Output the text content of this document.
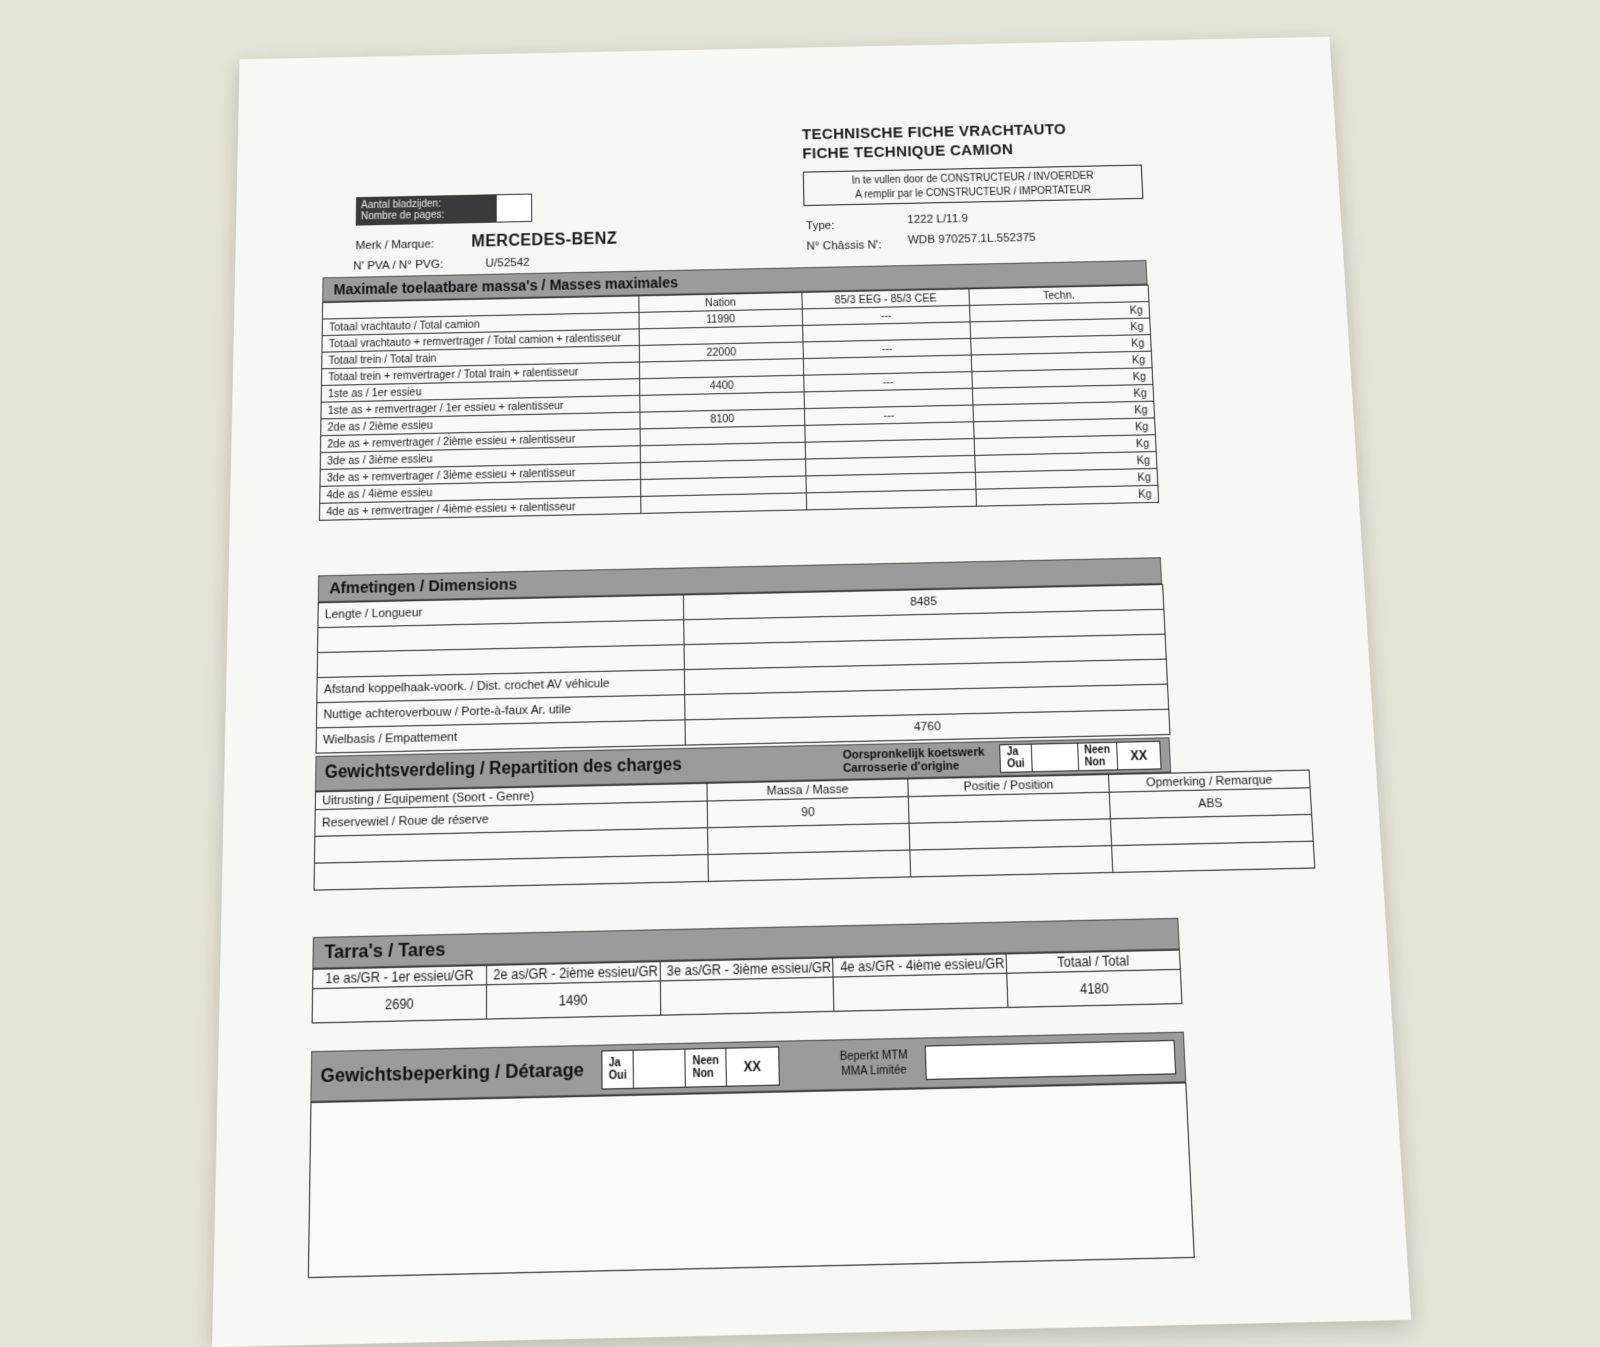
TECHNISCHE FICHE VRACHTAUTO
FICHE TECHNIQUE CAMION
In te vullen door de CONSTRUCTEUR / INVOERDER
A remplir par le CONSTRUCTEUR / IMPORTATEUR
Aantal bladzijden:
Nombre de pages:
Merk / Marque: MERCEDES-BENZ
N' PVA / N° PVG:	U/52542
Type:	1222 L/11.9
N° Châssis N': WDB 970257.1L.552375
Maximale toelaatbare massa's / Masses maximales
	Nation	85/3 EEG - 85/3 CEE	Techn.
Totaal vrachtauto / Total camion	11990	---	Kg
Totaal vrachtauto + remvertrager / Total camion + ralentisseur			Kg
Totaal trein / Total train	22000	---	Kg
Totaal trein + remvertrager / Total train + ralentisseur			Kg
1ste as / 1er essieu	4400	---	Kg
1ste as + remvertrager / 1er essieu + ralentisseur			Kg
2de as / 2ième essieu	8100	---	Kg
2de as + remvertrager / 2ième essieu + ralentisseur			Kg
3de as / 3ième essieu			Kg
3de as + remvertrager / 3ième essieu + ralentisseur			Kg
4de as / 4ième essieu			Kg
4de as + remvertrager / 4ième essieu + ralentisseur			Kg
Afmetingen / Dimensions
Lengte / Longueur	8485

Afstand koppelhaak-voork. / Dist. crochet AV véhicule	
Nuttige achteroverbouw / Porte-à-faux Ar. utile	
Wielbasis / Empattement	4760
Gewichtsverdeling / Repartition des charges
Oorspronkelijk koetswerk
Carrosserie d'origine
Ja
Oui
Neen
Non	XX
Uitrusting / Equipement (Soort - Genre)	Massa / Masse	Positie / Position	Opmerking / Remarque
Reservewiel / Roue de réserve	90		ABS

Tarra's / Tares
1e as/GR - 1er essieu/GR	2e as/GR - 2ième essieu/GR	3e as/GR - 3ième essieu/GR	4e as/GR - 4ième essieu/GR	Totaal / Total
2690	1490			4180
Gewichtsbeperking / Détarage Ja
Oui
Neen
Non	XX
Beperkt MTM
MMA Limitée
